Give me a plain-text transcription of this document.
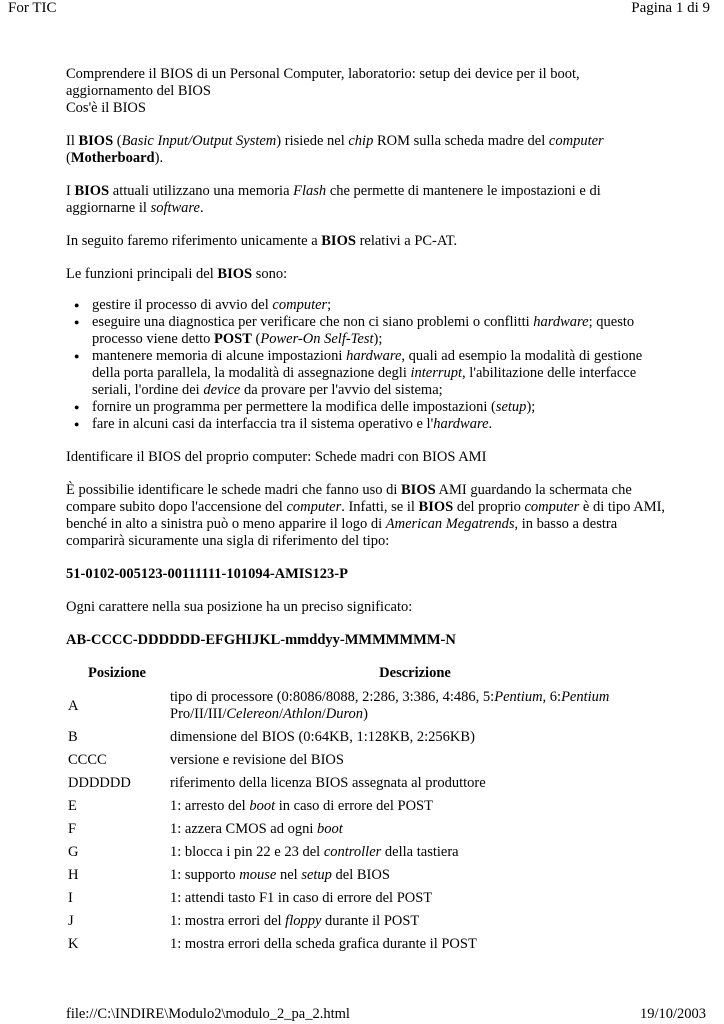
For TIC	Pagina 1 di 9

Comprendere il BIOS di un Personal Computer, laboratorio: setup dei device per il boot, aggiornamento del BIOS
Cos'è il BIOS

Il BIOS (Basic Input/Output System) risiede nel chip ROM sulla scheda madre del computer (Motherboard).

I BIOS attuali utilizzano una memoria Flash che permette di mantenere le impostazioni e di aggiornarne il software.

In seguito faremo riferimento unicamente a BIOS relativi a PC-AT.

Le funzioni principali del BIOS sono:

● gestire il processo di avvio del computer;
● eseguire una diagnostica per verificare che non ci siano problemi o conflitti hardware; questo processo viene detto POST (Power-On Self-Test);
● mantenere memoria di alcune impostazioni hardware, quali ad esempio la modalità di gestione della porta parallela, la modalità di assegnazione degli interrupt, l'abilitazione delle interfacce seriali, l'ordine dei device da provare per l'avvio del sistema;
● fornire un programma per permettere la modifica delle impostazioni (setup);
● fare in alcuni casi da interfaccia tra il sistema operativo e l'hardware.

Identificare il BIOS del proprio computer: Schede madri con BIOS AMI

È possibilie identificare le schede madri che fanno uso di BIOS AMI guardando la schermata che compare subito dopo l'accensione del computer. Infatti, se il BIOS del proprio computer è di tipo AMI, benché in alto a sinistra può o meno apparire il logo di American Megatrends, in basso a destra comparirà sicuramente una sigla di riferimento del tipo:

51-0102-005123-00111111-101094-AMIS123-P

Ogni carattere nella sua posizione ha un preciso significato:

AB-CCCC-DDDDDD-EFGHIJKL-mmddyy-MMMMMMM-N

Posizione	Descrizione
A	tipo di processore (0:8086/8088, 2:286, 3:386, 4:486, 5:Pentium, 6:Pentium Pro/II/III/Celereon/Athlon/Duron)
B	dimensione del BIOS (0:64KB, 1:128KB, 2:256KB)
CCCC	versione e revisione del BIOS
DDDDDD	riferimento della licenza BIOS assegnata al produttore
E	1: arresto del boot in caso di errore del POST
F	1: azzera CMOS ad ogni boot
G	1: blocca i pin 22 e 23 del controller della tastiera
H	1: supporto mouse nel setup del BIOS
I	1: attendi tasto F1 in caso di errore del POST
J	1: mostra errori del floppy durante il POST
K	1: mostra errori della scheda grafica durante il POST
file://C:\INDIRE\Modulo2\modulo_2_pa_2.html	19/10/2003
